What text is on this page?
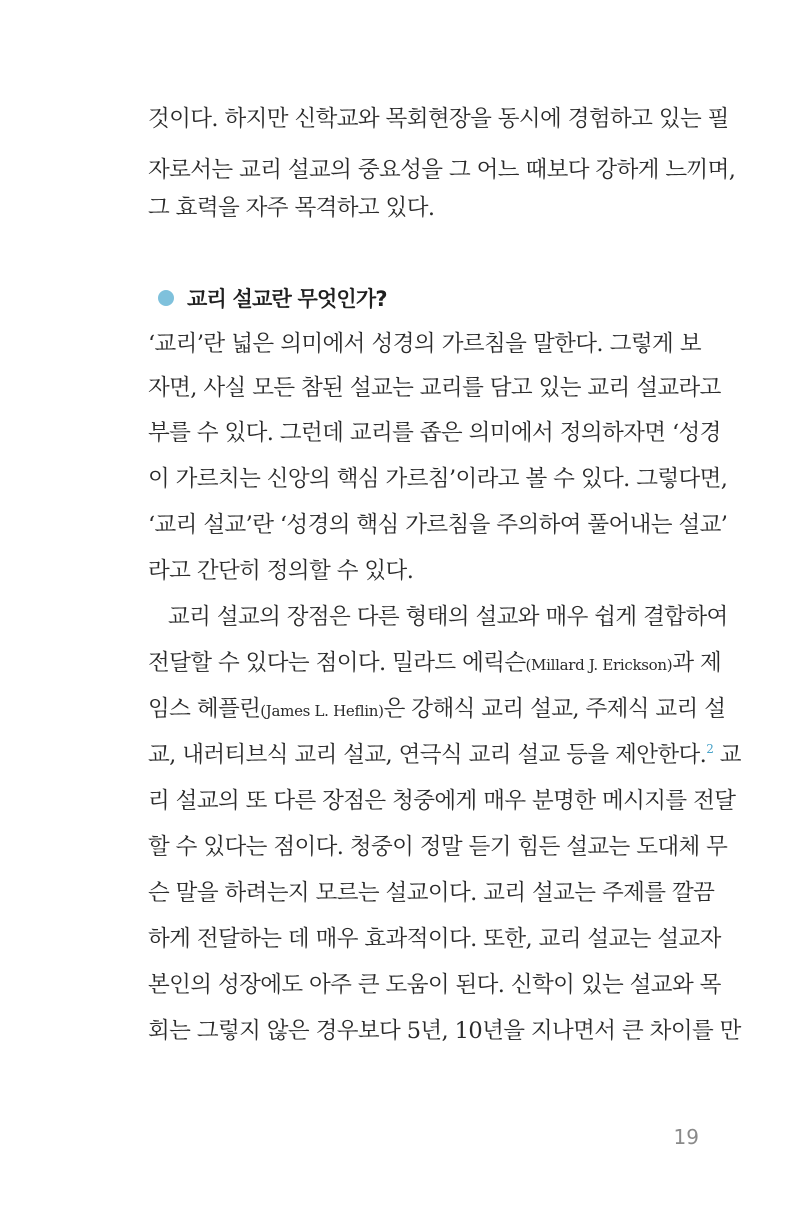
것이다. 하지만 신학교와 목회현장을 동시에 경험하고 있는 필
자로서는 교리 설교의 중요성을 그 어느 때보다 강하게 느끼며,
그 효력을 자주 목격하고 있다.
교리 설교란 무엇인가?
‘교리’란 넓은 의미에서 성경의 가르침을 말한다. 그렇게 보
자면, 사실 모든 참된 설교는 교리를 담고 있는 교리 설교라고
부를 수 있다. 그런데 교리를 좁은 의미에서 정의하자면 ‘성경
이 가르치는 신앙의 핵심 가르침’이라고 볼 수 있다. 그렇다면,
‘교리 설교’란 ‘성경의 핵심 가르침을 주의하여 풀어내는 설교’
라고 간단히 정의할 수 있다.
교리 설교의 장점은 다른 형태의 설교와 매우 쉽게 결합하여
전달할 수 있다는 점이다. 밀라드 에릭슨(Millard J. Erickson)과 제
임스 헤플린(James L. Heflin)은 강해식 교리 설교, 주제식 교리 설
교, 내러티브식 교리 설교, 연극식 교리 설교 등을 제안한다.$^2$ 교
리 설교의 또 다른 장점은 청중에게 매우 분명한 메시지를 전달
할 수 있다는 점이다. 청중이 정말 듣기 힘든 설교는 도대체 무
슨 말을 하려는지 모르는 설교이다. 교리 설교는 주제를 깔끔
하게 전달하는 데 매우 효과적이다. 또한, 교리 설교는 설교자
본인의 성장에도 아주 큰 도움이 된다. 신학이 있는 설교와 목
회는 그렇지 않은 경우보다 5년, 10년을 지나면서 큰 차이를 만
19
